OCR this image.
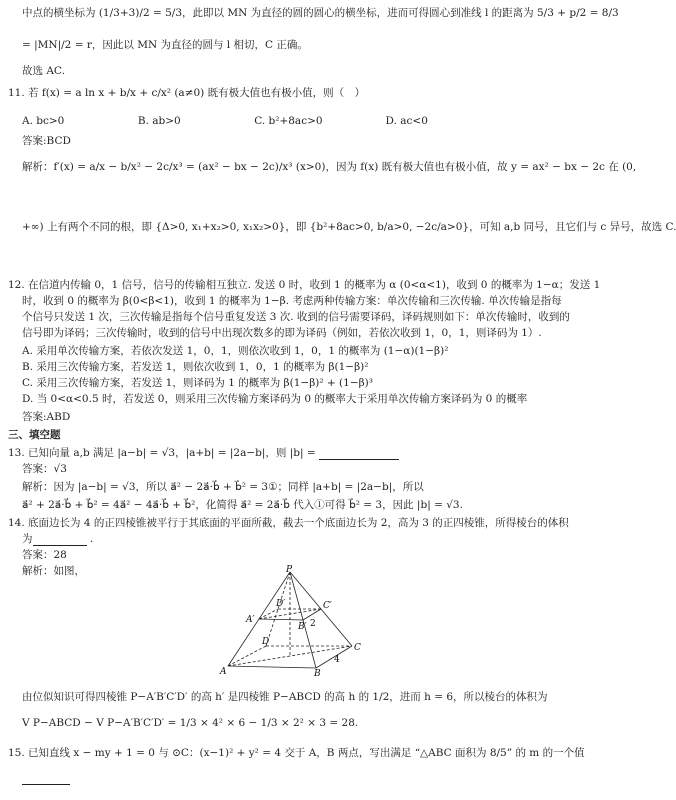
中点的横坐标为 (1/3+3)/2 = 5/3，此即以 MN 为直径的圆的圆心的横坐标，进而可得圆心到准线 l 的距离为 5/3 + p/2 = 8/3
= |MN|/2 = r，因此以 MN 为直径的圆与 l 相切，C 正确。
故选 AC.
11. 若 f(x) = a ln x + b/x + c/x² (a≠0) 既有极大值也有极小值，则（　）
A. bc>0　　　　　　　B. ab>0　　　　　　　C. b²+8ac>0　　　　　　D. ac<0
答案:BCD
解析：f′(x) = a/x − b/x² − 2c/x³ = (ax² − bx − 2c)/x³ (x>0)，因为 f(x) 既有极大值也有极小值，故 y = ax² − bx − 2c 在 (0,
+∞) 上有两个不同的根，即 {Δ>0, x₁+x₂>0, x₁x₂>0}，即 {b²+8ac>0, b/a>0, −2c/a>0}，可知 a,b 同号，且它们与 c 异号，故选 C.
12. 在信道内传输 0，1 信号，信号的传输相互独立. 发送 0 时，收到 1 的概率为 α (0<α<1)，收到 0 的概率为 1−α；发送 1
时，收到 0 的概率为 β(0<β<1)，收到 1 的概率为 1−β. 考虑两种传输方案：单次传输和三次传输. 单次传输是指每
个信号只发送 1 次，三次传输是指每个信号重复发送 3 次. 收到的信号需要译码，译码规则如下：单次传输时，收到的
信号即为译码；三次传输时，收到的信号中出现次数多的即为译码（例如，若依次收到 1，0，1，则译码为 1）.
A. 采用单次传输方案，若依次发送 1，0，1，则依次收到 1，0，1 的概率为 (1−α)(1−β)²
B. 采用三次传输方案，若发送 1，则依次收到 1，0，1 的概率为 β(1−β)²
C. 采用三次传输方案，若发送 1，则译码为 1 的概率为 β(1−β)² + (1−β)³
D. 当 0<α<0.5 时，若发送 0，则采用三次传输方案译码为 0 的概率大于采用单次传输方案译码为 0 的概率
答案:ABD
三、填空题
13. 已知向量 a,b 满足 |a−b| = √3，|a+b| = |2a−b|，则 |b| =
答案：√3
解析：因为 |a−b| = √3，所以 a⃗² − 2a⃗·b⃗ + b⃗² = 3①；同样 |a+b| = |2a−b|，所以
a⃗² + 2a⃗·b⃗ + b⃗² = 4a⃗² − 4a⃗·b⃗ + b⃗²，化简得 a⃗² = 2a⃗·b⃗ 代入①可得 b⃗² = 3，因此 |b| = √3.
14. 底面边长为 4 的正四棱锥被平行于其底面的平面所截，截去一个底面边长为 2，高为 3 的正四棱锥，所得棱台的体积
为	.
答案：28
解析：如图，	P
A	B
C
D
A′
B′
C′
D′
2
4
由位似知识可得四棱锥 P−A′B′C′D′ 的高 h′ 是四棱锥 P−ABCD 的高 h 的 1/2，进而 h = 6，所以棱台的体积为
V P−ABCD − V P−A′B′C′D′ = 1/3 × 4² × 6 − 1/3 × 2² × 3 = 28.
15. 已知直线 x − my + 1 = 0 与 ⊙C：(x−1)² + y² = 4 交于 A，B 两点，写出满足 “△ABC 面积为 8/5” 的 m 的一个值
